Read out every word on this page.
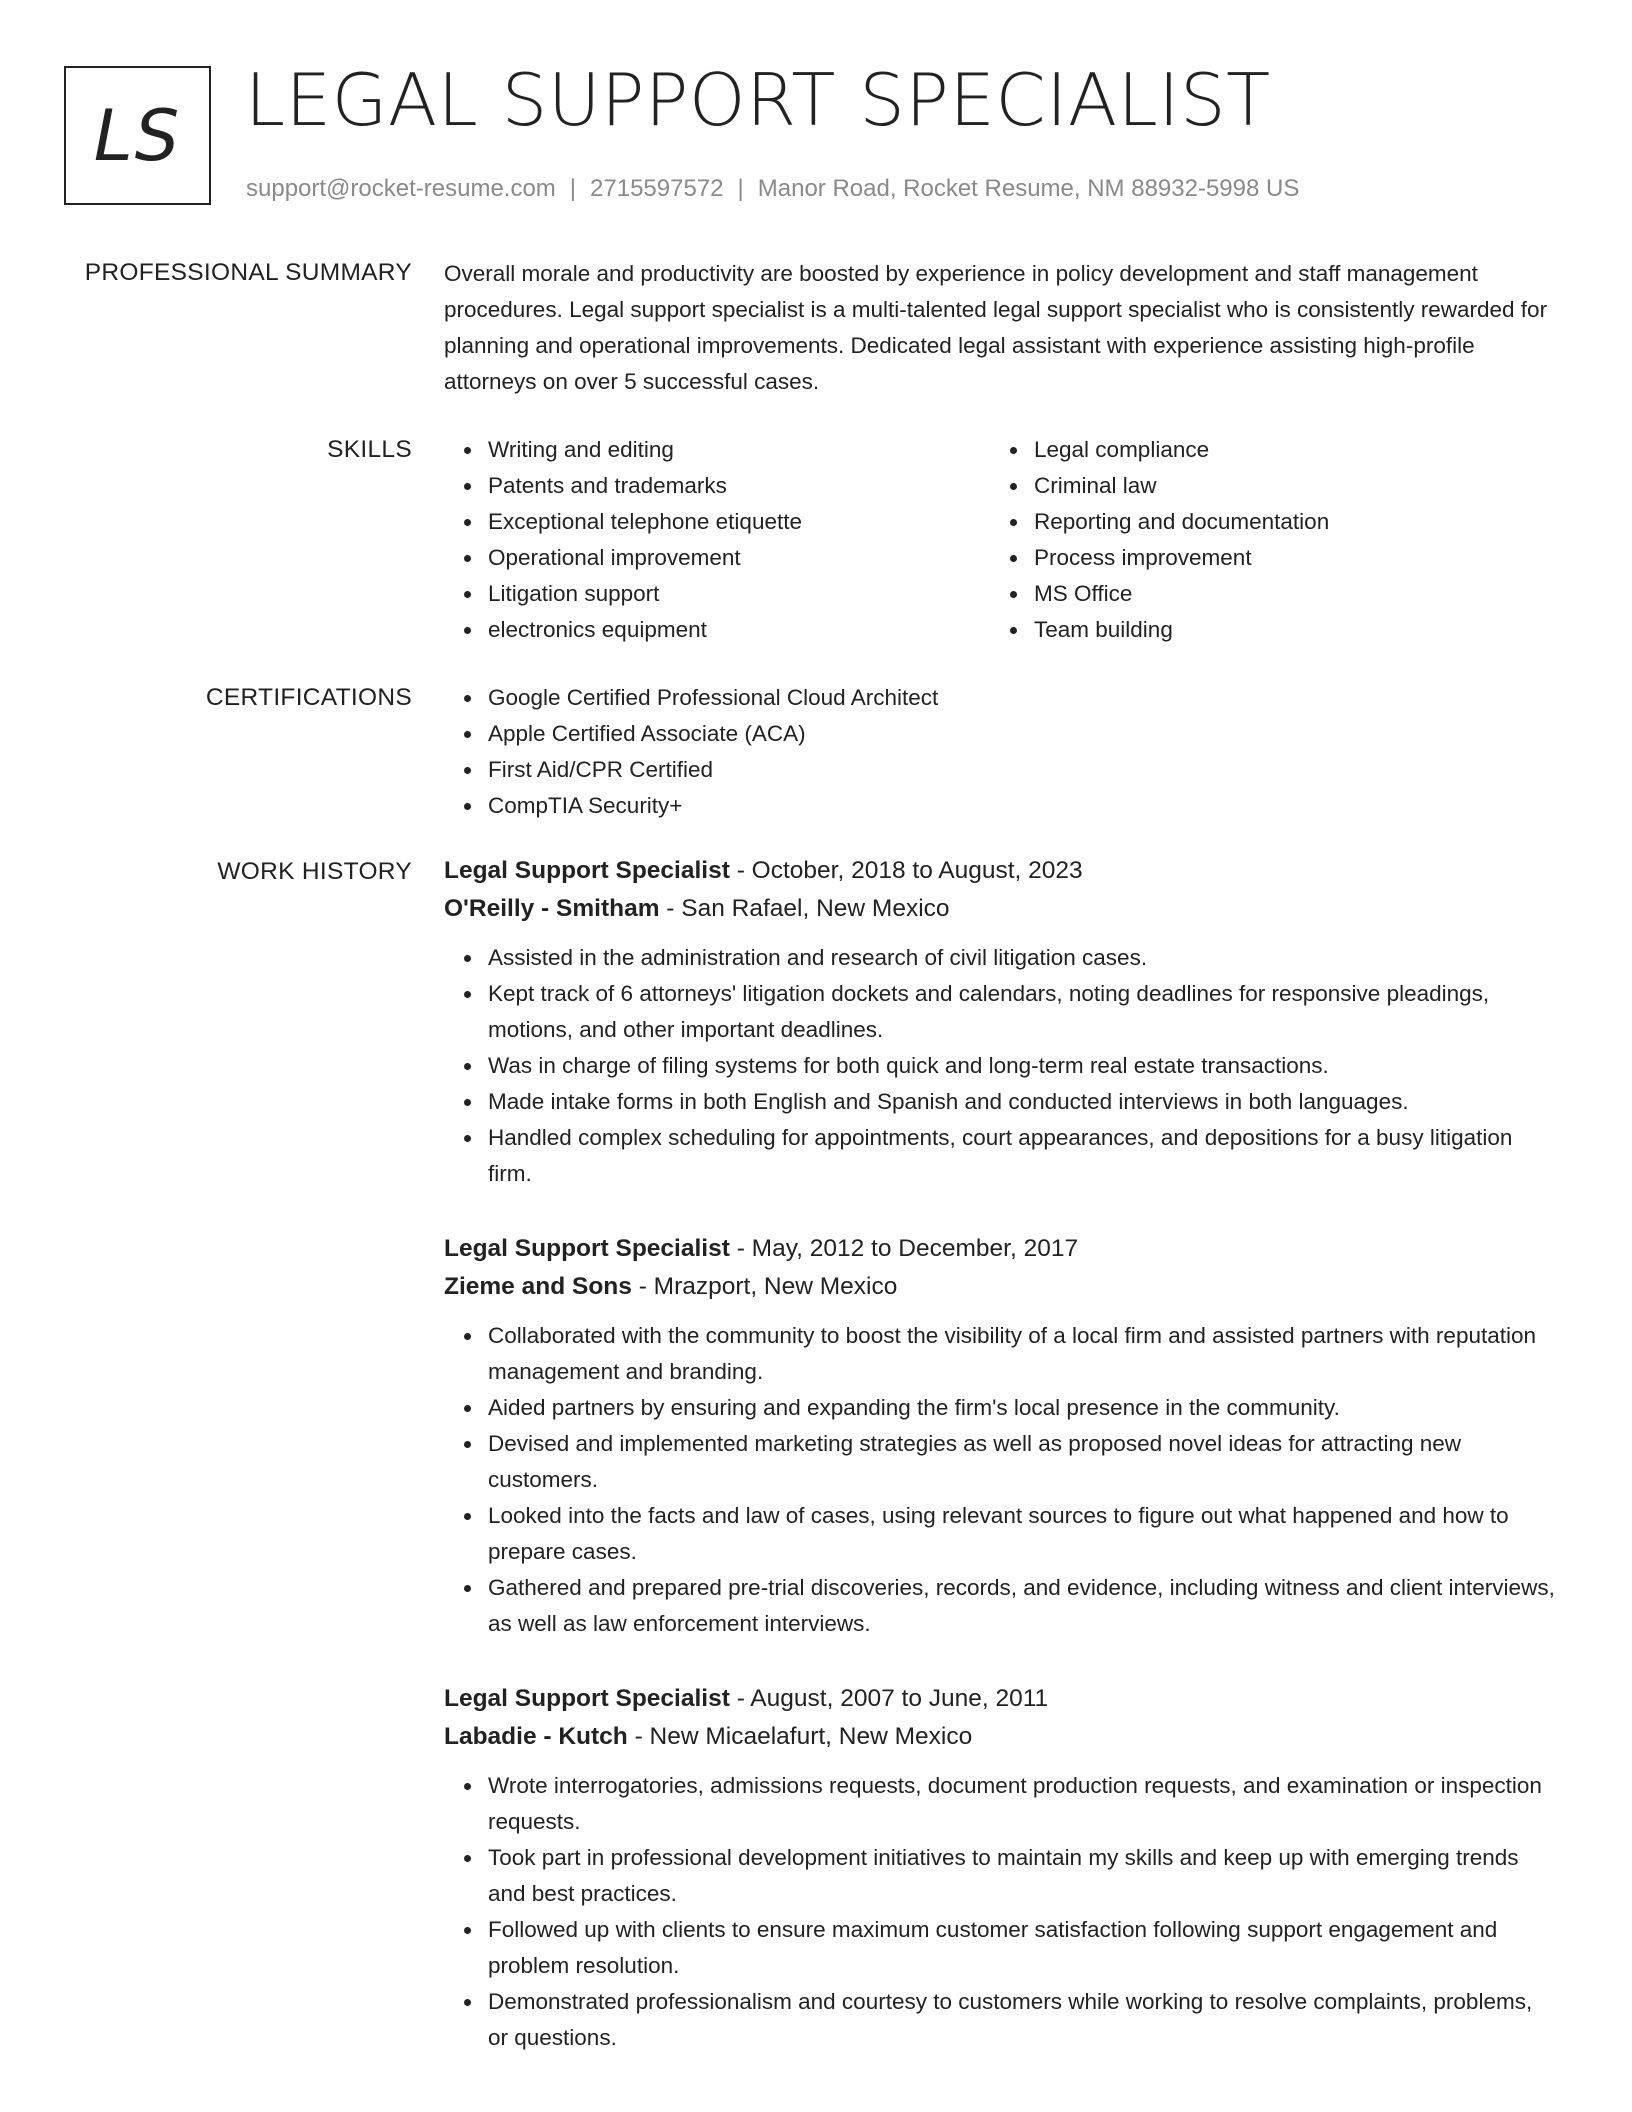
LS LEGAL SUPPORT SPECIALIST
support@rocket-resume.com | 2715597572 | Manor Road, Rocket Resume, NM 88932-5998 US
PROFESSIONAL SUMMARY Overall morale and productivity are boosted by experience in policy development and staff management procedures. Legal support specialist is a multi-talented legal support specialist who is consistently rewarded for planning and operational improvements. Dedicated legal assistant with experience assisting high-profile attorneys on over 5 successful cases.

SKILLS	Writing and editing
Patents and trademarks
Exceptional telephone etiquette
Operational improvement
Litigation support
electronics equipment
Legal compliance
Criminal law
Reporting and documentation
Process improvement
MS Office
Team building
CERTIFICATIONS	Google Certified Professional Cloud Architect
Apple Certified Associate (ACA)
First Aid/CPR Certified
CompTIA Security+
WORK HISTORY Legal Support Specialist - October, 2018 to August, 2023
O'Reilly - Smitham - San Rafael, New Mexico
Assisted in the administration and research of civil litigation cases.
Kept track of 6 attorneys' litigation dockets and calendars, noting deadlines for responsive pleadings, motions, and other important deadlines.
Was in charge of filing systems for both quick and long-term real estate transactions.
Made intake forms in both English and Spanish and conducted interviews in both languages.
Handled complex scheduling for appointments, court appearances, and depositions for a busy litigation firm.
Legal Support Specialist - May, 2012 to December, 2017
Zieme and Sons - Mrazport, New Mexico
Collaborated with the community to boost the visibility of a local firm and assisted partners with reputation management and branding.
Aided partners by ensuring and expanding the firm's local presence in the community.
Devised and implemented marketing strategies as well as proposed novel ideas for attracting new customers.
Looked into the facts and law of cases, using relevant sources to figure out what happened and how to prepare cases.
Gathered and prepared pre-trial discoveries, records, and evidence, including witness and client interviews, as well as law enforcement interviews.
Legal Support Specialist - August, 2007 to June, 2011
Labadie - Kutch - New Micaelafurt, New Mexico
Wrote interrogatories, admissions requests, document production requests, and examination or inspection requests.
Took part in professional development initiatives to maintain my skills and keep up with emerging trends and best practices.
Followed up with clients to ensure maximum customer satisfaction following support engagement and problem resolution.
Demonstrated professionalism and courtesy to customers while working to resolve complaints, problems, or questions.
